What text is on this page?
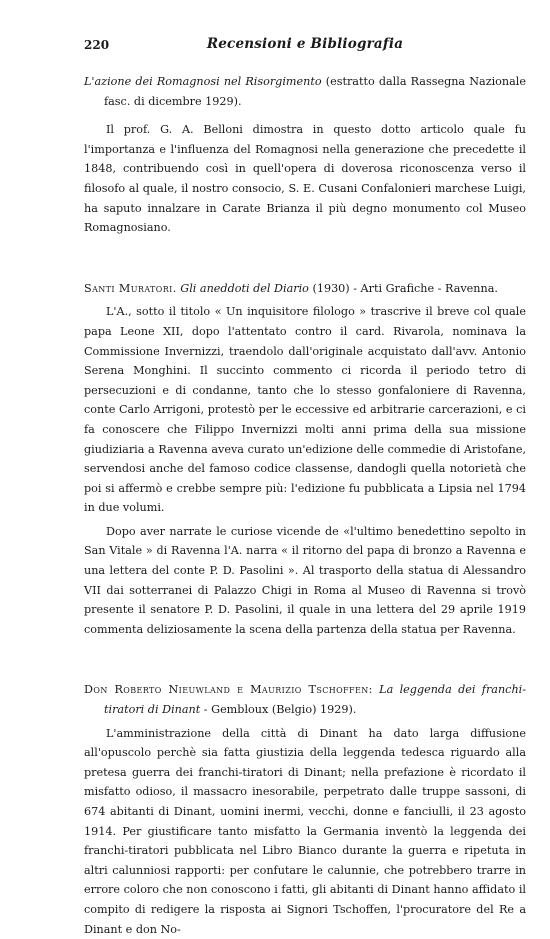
220	Recensioni e Bibliografia

L'azione dei Romagnosi nel Risorgimento (estratto dalla Rassegna Nazionale fasc. di dicembre 1929).

Il prof. G. A. Belloni dimostra in questo dotto articolo quale fu l'importanza e l'influenza del Romagnosi nella generazione che precedette il 1848, contribuendo così in quell'opera di doverosa riconoscenza verso il filosofo al quale, il nostro consocio, S. E. Cusani Confalonieri marchese Luigi, ha saputo innalzare in Carate Brianza il più degno monumento col Museo Romagnosiano.

Santi Muratori. Gli aneddoti del Diario (1930) - Arti Grafiche - Ravenna.

L'A., sotto il titolo « Un inquisitore filologo » trascrive il breve col quale papa Leone XII, dopo l'attentato contro il card. Rivarola, nominava la Commissione Invernizzi, traendolo dall'originale acquistato dall'avv. Antonio Serena Monghini. Il succinto commento ci ricorda il periodo tetro di persecuzioni e di condanne, tanto che lo stesso gonfaloniere di Ravenna, conte Carlo Arrigoni, protestò per le eccessive ed arbitrarie carcerazioni, e ci fa conoscere che Filippo Invernizzi molti anni prima della sua missione giudiziaria a Ravenna aveva curato un'edizione delle commedie di Aristofane, servendosi anche del famoso codice classense, dandogli quella notorietà che poi si affermò e crebbe sempre più: l'edizione fu pubblicata a Lipsia nel 1794 in due volumi.

Dopo aver narrate le curiose vicende de «l'ultimo benedettino sepolto in San Vitale » di Ravenna l'A. narra « il ritorno del papa di bronzo a Ravenna e una lettera del conte P. D. Pasolini ». Al trasporto della statua di Alessandro VII dai sotterranei di Palazzo Chigi in Roma al Museo di Ravenna si trovò presente il senatore P. D. Pasolini, il quale in una lettera del 29 aprile 1919 commenta deliziosamente la scena della partenza della statua per Ravenna.

Don Roberto Nieuwland e Maurizio Tschoffen: La leggenda dei franchi-tiratori di Dinant - Gembloux (Belgio) 1929).

L'amministrazione della città di Dinant ha dato larga diffusione all'opuscolo perchè sia fatta giustizia della leggenda tedesca riguardo alla pretesa guerra dei franchi-tiratori di Dinant; nella prefazione è ricordato il misfatto odioso, il massacro inesorabile, perpetrato dalle truppe sassoni, di 674 abitanti di Dinant, uomini inermi, vecchi, donne e fanciulli, il 23 agosto 1914. Per giustificare tanto misfatto la Germania inventò la leggenda dei franchi-tiratori pubblicata nel Libro Bianco durante la guerra e ripetuta in altri calunniosi rapporti: per confutare le calunnie, che potrebbero trarre in errore coloro che non conoscono i fatti, gli abitanti di Dinant hanno affidato il compito di redigere la risposta ai Signori Tschoffen, l'procuratore del Re a Dinant e don No-
